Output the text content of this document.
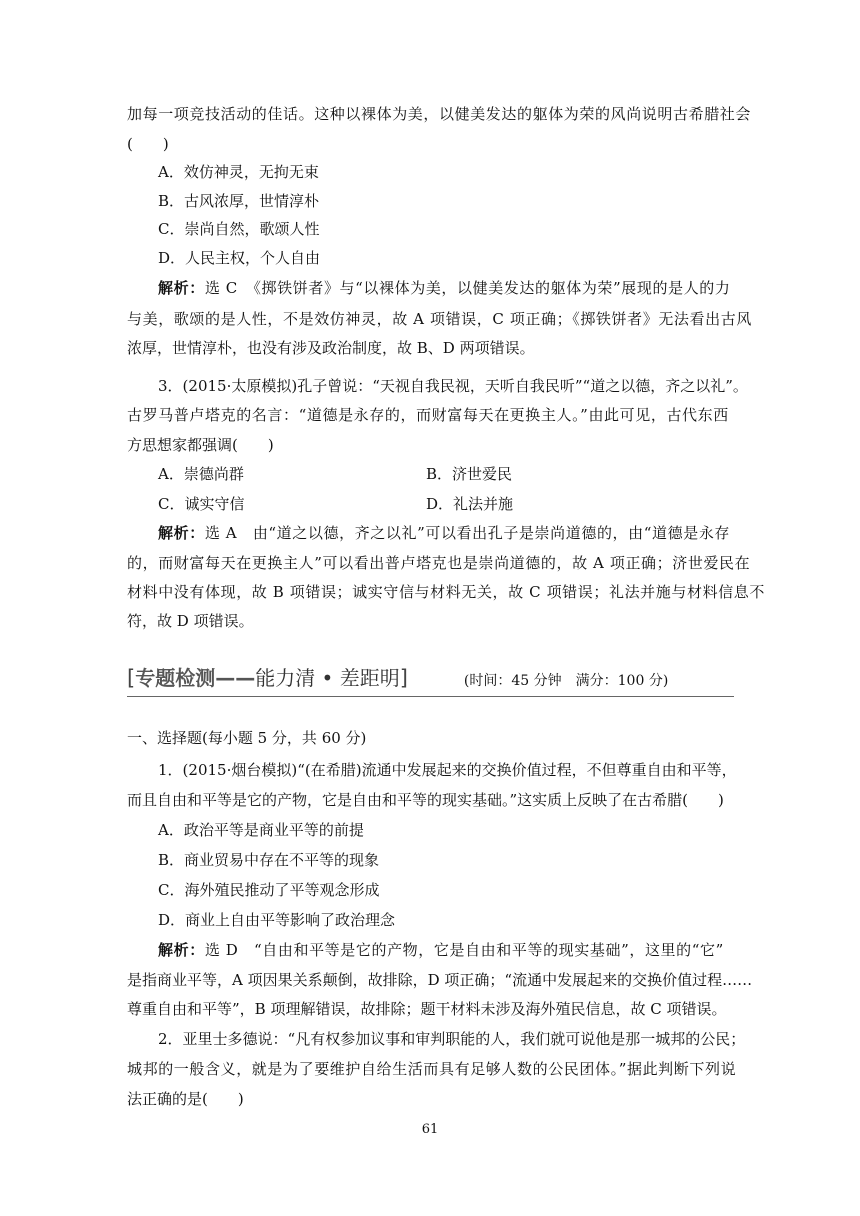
加每一项竞技活动的佳话。这种以裸体为美，以健美发达的躯体为荣的风尚说明古希腊社会
(　　)
A．效仿神灵，无拘无束
B．古风浓厚，世情淳朴
C．崇尚自然，歌颂人性
D．人民主权，个人自由
解析：选 C　《掷铁饼者》与“以裸体为美，以健美发达的躯体为荣”展现的是人的力
与美，歌颂的是人性，不是效仿神灵，故 A 项错误，C 项正确；《掷铁饼者》无法看出古风
浓厚，世情淳朴，也没有涉及政治制度，故 B、D 两项错误。
3．(2015·太原模拟)孔子曾说：“天视自我民视，天听自我民听”“道之以德，齐之以礼”。
古罗马普卢塔克的名言：“道德是永存的，而财富每天在更换主人。”由此可见，古代东西
方思想家都强调(　　)
A．崇德尚群	B．济世爱民
C．诚实守信	D．礼法并施
解析：选 A　由“道之以德，齐之以礼”可以看出孔子是崇尚道德的，由“道德是永存
的，而财富每天在更换主人”可以看出普卢塔克也是崇尚道德的，故 A 项正确；济世爱民在
材料中没有体现，故 B 项错误；诚实守信与材料无关，故 C 项错误；礼法并施与材料信息不
符，故 D 项错误。
[专题检测——能力清 • 差距明]	(时间：45 分钟　满分：100 分)
一、选择题(每小题 5 分，共 60 分)
1．(2015·烟台模拟)“(在希腊)流通中发展起来的交换价值过程，不但尊重自由和平等，
而且自由和平等是它的产物，它是自由和平等的现实基础。”这实质上反映了在古希腊(　　)
A．政治平等是商业平等的前提
B．商业贸易中存在不平等的现象
C．海外殖民推动了平等观念形成
D．商业上自由平等影响了政治理念
解析：选 D　“自由和平等是它的产物，它是自由和平等的现实基础”，这里的“它”
是指商业平等，A 项因果关系颠倒，故排除，D 项正确；“流通中发展起来的交换价值过程……
尊重自由和平等”，B 项理解错误，故排除；题干材料未涉及海外殖民信息，故 C 项错误。
2．亚里士多德说：“凡有权参加议事和审判职能的人，我们就可说他是那一城邦的公民；
城邦的一般含义，就是为了要维护自给生活而具有足够人数的公民团体。”据此判断下列说
法正确的是(　　)
61
